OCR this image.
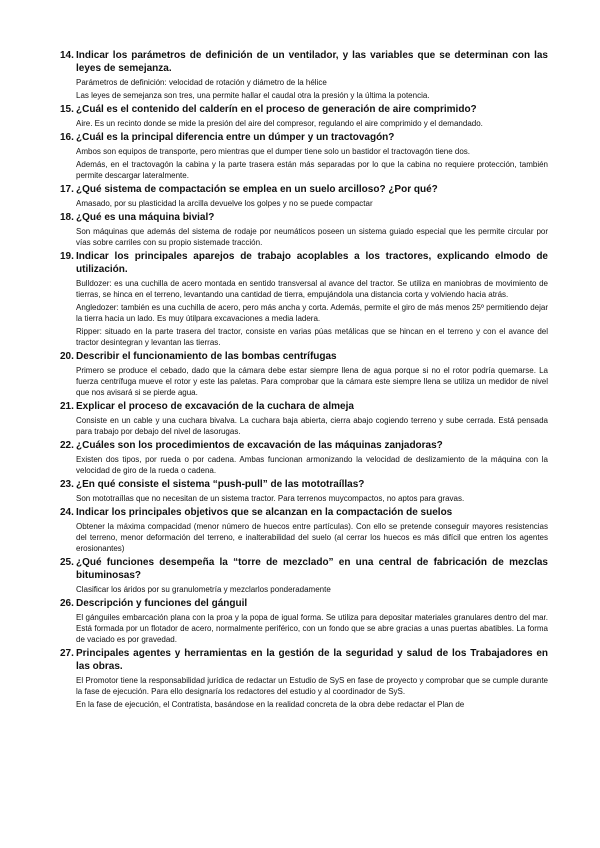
14. Indicar los parámetros de definición de un ventilador, y las variables que se determinan con las leyes de semejanza.
Parámetros de definición: velocidad de rotación y diámetro de la hélice
Las leyes de semejanza son tres, una permite hallar el caudal otra la presión y la última la potencia.
15. ¿Cuál es el contenido del calderín en el proceso de generación de aire comprimido?
Aire. Es un recinto donde se mide la presión del aire del compresor, regulando el aire comprimido y el demandado.
16. ¿Cuál es la principal diferencia entre un dúmper y un tractovagón?
Ambos son equipos de transporte, pero mientras que el dumper tiene solo un bastidor el tractovagón tiene dos.
Además, en el tractovagón la cabina y la parte trasera están más separadas por lo que la cabina no requiere protección, también permite descargar lateralmente.
17. ¿Qué sistema de compactación se emplea en un suelo arcilloso? ¿Por qué?
Amasado, por su plasticidad la arcilla devuelve los golpes y no se puede compactar
18. ¿Qué es una máquina bivial?
Son máquinas que además del sistema de rodaje por neumáticos poseen un sistema guiado especial que les permite circular por vías sobre carriles con su propio sistemade tracción.
19. Indicar los principales aparejos de trabajo acoplables a los tractores, explicando elmodo de utilización.
Bulldozer: es una cuchilla de acero montada en sentido transversal al avance del tractor. Se utiliza en maniobras de movimiento de tierras, se hinca en el terreno, levantando una cantidad de tierra, empujándola una distancia corta y volviendo hacia atrás.
Angledozer: también es una cuchilla de acero, pero más ancha y corta. Además, permite el giro de más menos 25º permitiendo dejar la tierra hacia un lado. Es muy útilpara excavaciones a media ladera.
Ripper: situado en la parte trasera del tractor, consiste en varias púas metálicas que se hincan en el terreno y con el avance del tractor desintegran y levantan las tierras.
20. Describir el funcionamiento de las bombas centrífugas
Primero se produce el cebado, dado que la cámara debe estar siempre llena de agua porque si no el rotor podría quemarse. La fuerza centrífuga mueve el rotor y este las paletas. Para comprobar que la cámara este siempre llena se utiliza un medidor de nivel que nos avisará si se pierde agua.
21. Explicar el proceso de excavación de la cuchara de almeja
Consiste en un cable y una cuchara bivalva. La cuchara baja abierta, cierra abajo cogiendo terreno y sube cerrada. Está pensada para trabajo por debajo del nivel de lasorugas.
22. ¿Cuáles son los procedimientos de excavación de las máquinas zanjadoras?
Existen dos tipos, por rueda o por cadena. Ambas funcionan armonizando la velocidad de deslizamiento de la máquina con la velocidad de giro de la rueda o cadena.
23. ¿En qué consiste el sistema “push-pull” de las mototraíllas?
Son mototraíllas que no necesitan de un sistema tractor. Para terrenos muycompactos, no aptos para gravas.
24. Indicar los principales objetivos que se alcanzan en la compactación de suelos
Obtener la máxima compacidad (menor número de huecos entre partículas). Con ello se pretende conseguir mayores resistencias del terreno, menor deformación del terreno, e inalterabilidad del suelo (al cerrar los huecos es más difícil que entren los agentes erosionantes)
25. ¿Qué funciones desempeña la “torre de mezclado” en una central de fabricación de mezclas bituminosas?
Clasificar los áridos por su granulometría y mezclarlos ponderadamente
26. Descripción y funciones del gánguil
El gánguiles embarcación plana con la proa y la popa de igual forma. Se utiliza para depositar materiales granulares dentro del mar. Está formada por un flotador de acero, normalmente periférico, con un fondo que se abre gracias a unas puertas abatibles. La forma de vaciado es por gravedad.
27. Principales agentes y herramientas en la gestión de la seguridad y salud de los Trabajadores en las obras.
El Promotor tiene la responsabilidad jurídica de redactar un Estudio de SyS en fase de proyecto y comprobar que se cumple durante la fase de ejecución. Para ello designaría los redactores del estudio y al coordinador de SyS.
En la fase de ejecución, el Contratista, basándose en la realidad concreta de la obra debe redactar el Plan de
